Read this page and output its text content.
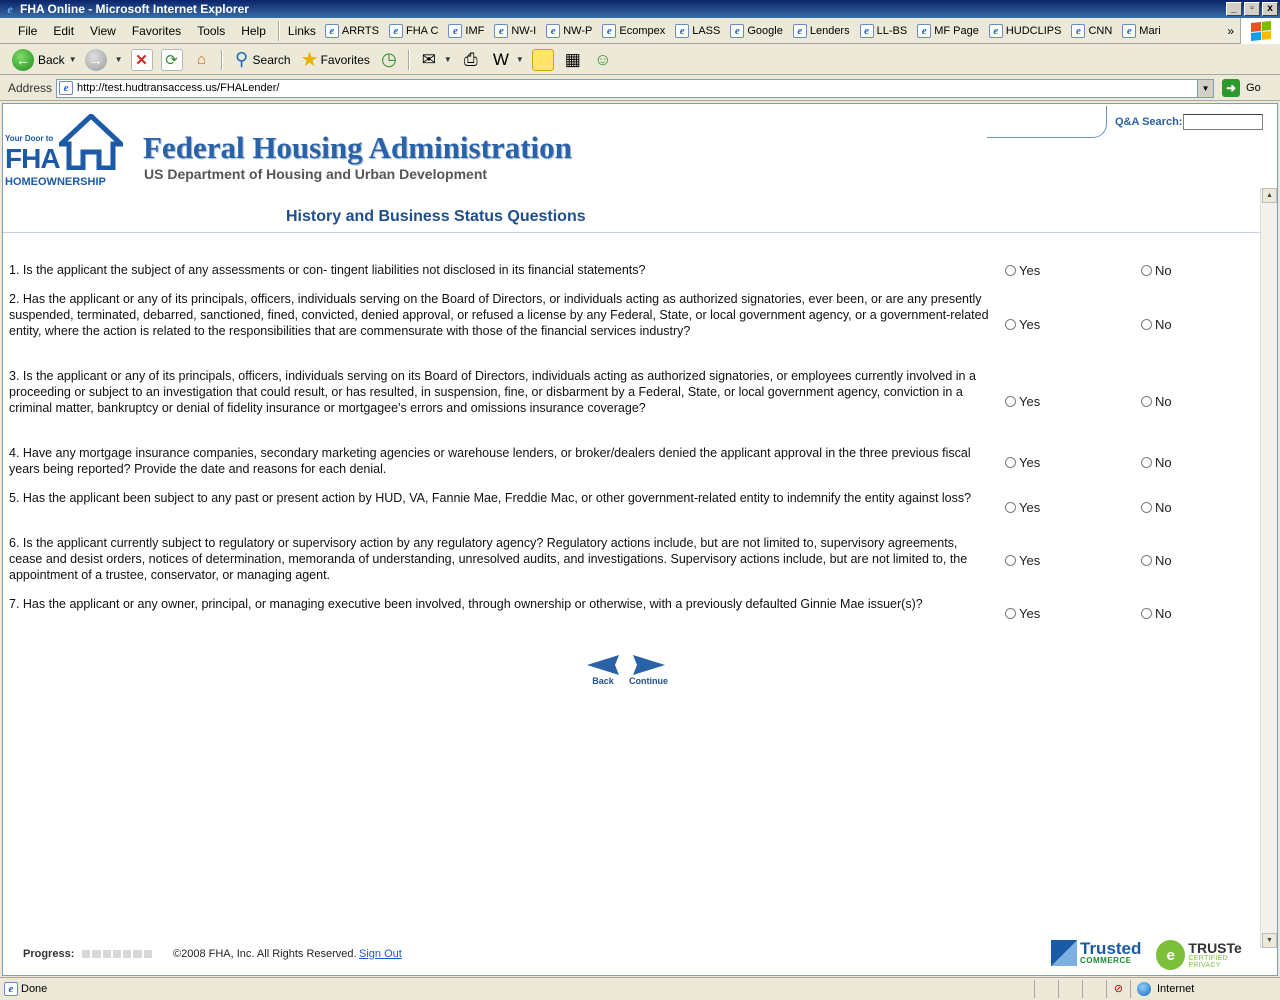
e FHA Online - Microsoft Internet Explorer	_	▫	x
File	Edit	View	Favorites	Tools	Help	Links	e ARRTS	e FHA C	e IMF	e NW-I	e NW-P	e Ecompex	e LASS	e Google	e Lenders	e LL-BS	e MF Page	e HUDCLIPS	e CNN	e Mari	»
← Back ▼ →	▼ ✕	⟳	⌂	⚲ Search ★ Favorites ◷ ✉ ▼ ⎙ W ▼ ▦ ☺
Address	e http://test.hudtransaccess.us/FHALender/	▼	➜ Go
Your Door to
FHA
HOMEOWNERSHIP
Federal Housing Administration
US Department of Housing and Urban Development
Q&A Search:
▲
▼
History and Business Status Questions
1. Is the applicant the subject of any assessments or con- tingent liabilities not disclosed in its financial statements?	Yes	No
2. Has the applicant or any of its principals, officers, individuals serving on the Board of Directors, or individuals acting as authorized signatories, ever been, or are any presently suspended, terminated, debarred, sanctioned, fined, convicted, denied approval, or refused a license by any Federal, State, or local government agency, or a government-related entity, where the action is related to the responsibilities that are commensurate with those of the financial services industry?	Yes	No
3. Is the applicant or any of its principals, officers, individuals serving on its Board of Directors, individuals acting as authorized signatories, or employees currently involved in a proceeding or subject to an investigation that could result, or has resulted, in suspension, fine, or disbarment by a Federal, State, or local government agency, conviction in a criminal matter, bankruptcy or denial of fidelity insurance or mortgagee's errors and omissions insurance coverage?	Yes	No
4. Have any mortgage insurance companies, secondary marketing agencies or warehouse lenders, or broker/dealers denied the applicant approval in the three previous fiscal years being reported? Provide the date and reasons for each denial.	Yes	No
5. Has the applicant been subject to any past or present action by HUD, VA, Fannie Mae, Freddie Mac, or other government-related entity to indemnify the entity against loss?
Yes	No
6. Is the applicant currently subject to regulatory or supervisory action by any regulatory agency? Regulatory actions include, but are not limited to, supervisory agreements, cease and desist orders, notices of determination, memoranda of understanding, unresolved audits, and investigations. Supervisory actions include, but are not limited to, the appointment of a trustee, conservator, or managing agent.
Yes	No
7. Has the applicant or any owner, principal, or managing executive been involved, through ownership or otherwise, with a previously defaulted Ginnie Mae issuer(s)?
Yes	No
Back Continue
Progress:	©2008 FHA, Inc. All Rights Reserved. Sign Out	Trusted
COMMERCE	e TRUSTe
CERTIFIED PRIVACY
e Done	⊘	Internet
